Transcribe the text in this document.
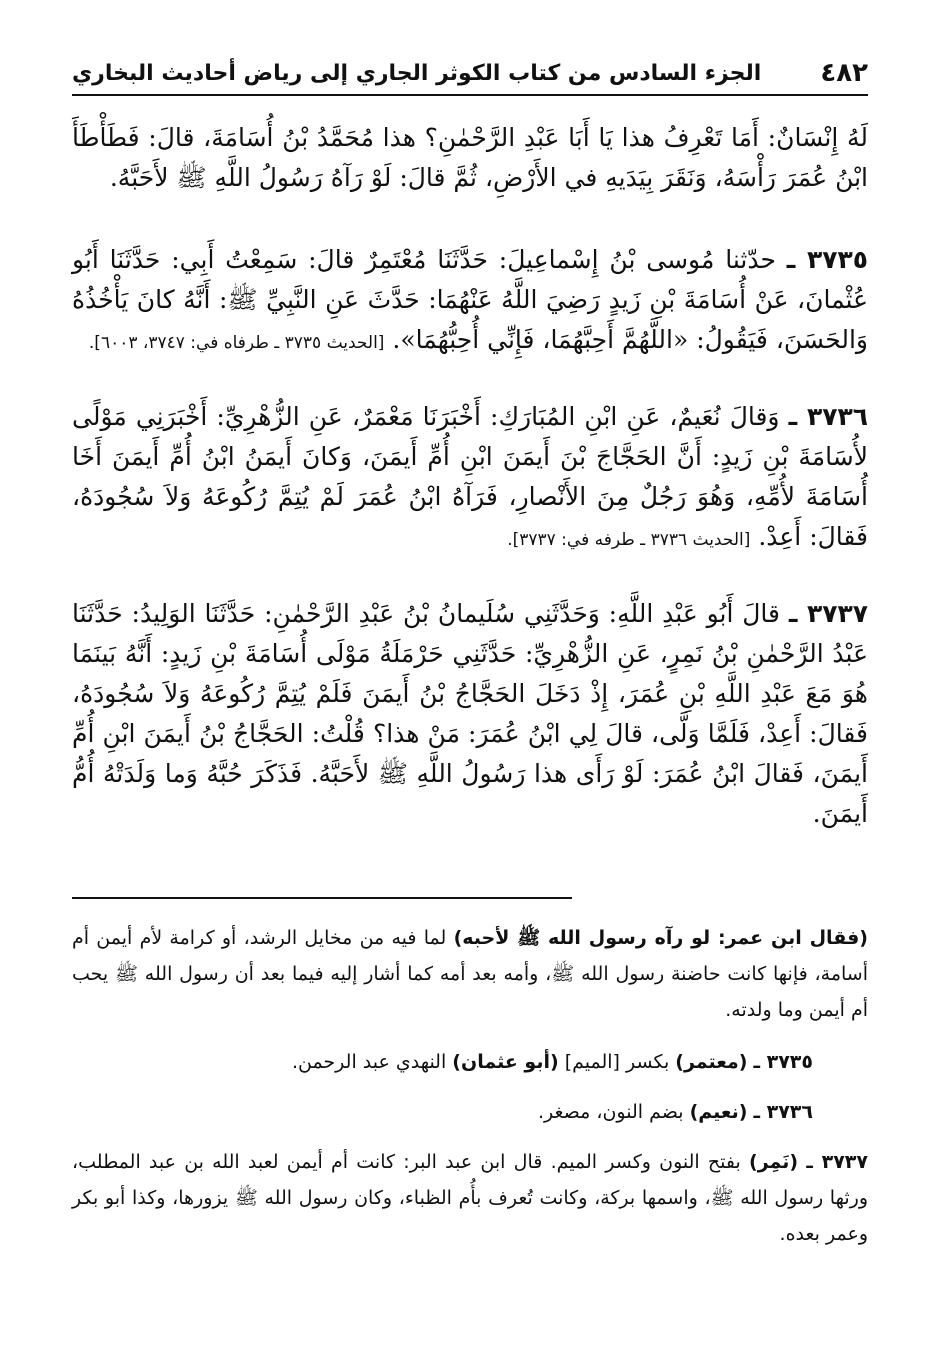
٤٨٢
الجزء السادس من كتاب الكوثر الجاري إلى رياض أحاديث البخاري

لَهُ إِنْسَانٌ: أَمَا تَعْرِفُ هذا يَا أَبَا عَبْدِ الرَّحْمٰنِ؟ هذا مُحَمَّدُ بْنُ أُسَامَةَ، قالَ: فَطَأْطَأَ ابْنُ عُمَرَ رَأْسَهُ، وَنَقَرَ بِيَدَيهِ في الأَرْضِ، ثُمَّ قالَ: لَوْ رَآهُ رَسُولُ اللَّهِ ﷺ لأَحَبَّهُ.

٣٧٣٥ ـ حدّثنا مُوسى بْنُ إِسْماعِيلَ: حَدَّثَنَا مُعْتَمِرٌ قالَ: سَمِعْتُ أَبِي: حَدَّثَنَا أَبُو عُثْمانَ، عَنْ أُسَامَةَ بْنِ زَيدٍ رَضِيَ اللَّهُ عَنْهُمَا: حَدَّثَ عَنِ النَّبِيِّ ﷺ: أَنَّهُ كانَ يَأْخُذُهُ وَالحَسَنَ، فَيَقُولُ: «اللَّهُمَّ أَحِبَّهُمَا، فَإِنِّي أُحِبُّهُمَا». [الحديث ٣٧٣٥ ـ طرفاه في: ٣٧٤٧، ٦٠٠٣].

٣٧٣٦ ـ وَقالَ نُعَيمٌ، عَنِ ابْنِ المُبَارَكِ: أَخْبَرَنَا مَعْمَرٌ، عَنِ الزُّهْرِيِّ: أَخْبَرَنِي مَوْلًى لأُسَامَةَ بْنِ زَيدٍ: أَنَّ الحَجَّاجَ بْنَ أَيمَنَ ابْنِ أُمِّ أَيمَنَ، وَكانَ أَيمَنُ ابْنُ أُمِّ أَيمَنَ أَخَا أُسَامَةَ لأُمِّهِ، وَهُوَ رَجُلٌ مِنَ الأَنْصارِ، فَرَآهُ ابْنُ عُمَرَ لَمْ يُتِمَّ رُكُوعَهُ وَلاَ سُجُودَهُ، فَقالَ: أَعِدْ. [الحديث ٣٧٣٦ ـ طرفه في: ٣٧٣٧].

٣٧٣٧ ـ قالَ أَبُو عَبْدِ اللَّهِ: وَحَدَّثَنِي سُلَيمانُ بْنُ عَبْدِ الرَّحْمٰنِ: حَدَّثَنَا الوَلِيدُ: حَدَّثَنَا عَبْدُ الرَّحْمٰنِ بْنُ نَمِرٍ، عَنِ الزُّهْرِيِّ: حَدَّثَنِي حَرْمَلَةُ مَوْلَى أُسَامَةَ بْنِ زَيدٍ: أَنَّهُ بَينَمَا هُوَ مَعَ عَبْدِ اللَّهِ بْنِ عُمَرَ، إِذْ دَخَلَ الحَجَّاجُ بْنُ أَيمَنَ فَلَمْ يُتِمَّ رُكُوعَهُ وَلاَ سُجُودَهُ، فَقالَ: أَعِدْ، فَلَمَّا وَلَّى، قالَ لِي ابْنُ عُمَرَ: مَنْ هذا؟ قُلْتُ: الحَجَّاجُ بْنُ أَيمَنَ ابْنِ أُمِّ أَيمَنَ، فَقالَ ابْنُ عُمَرَ: لَوْ رَأَى هذا رَسُولُ اللَّهِ ﷺ لأَحَبَّهُ. فَذَكَرَ حُبَّهُ وَما وَلَدَتْهُ أُمُّ أَيمَنَ.

(فقال ابن عمر: لو رآه رسول الله ﷺ لأحبه) لما فيه من مخايل الرشد، أو كرامة لأم أيمن أم أسامة، فإنها كانت حاضنة رسول الله ﷺ، وأمه بعد أمه كما أشار إليه فيما بعد أن رسول الله ﷺ يحب أم أيمن وما ولدته.

٣٧٣٥ ـ (معتمر) بكسر [الميم] (أبو عثمان) النهدي عبد الرحمن.

٣٧٣٦ ـ (نعيم) بضم النون، مصغر.

٣٧٣٧ ـ (نَمِر) بفتح النون وكسر الميم. قال ابن عبد البر: كانت أم أيمن لعبد الله بن عبد المطلب، ورثها رسول الله ﷺ، واسمها بركة، وكانت تُعرف بأُم الظباء، وكان رسول الله ﷺ يزورها، وكذا أبو بكر وعمر بعده.
